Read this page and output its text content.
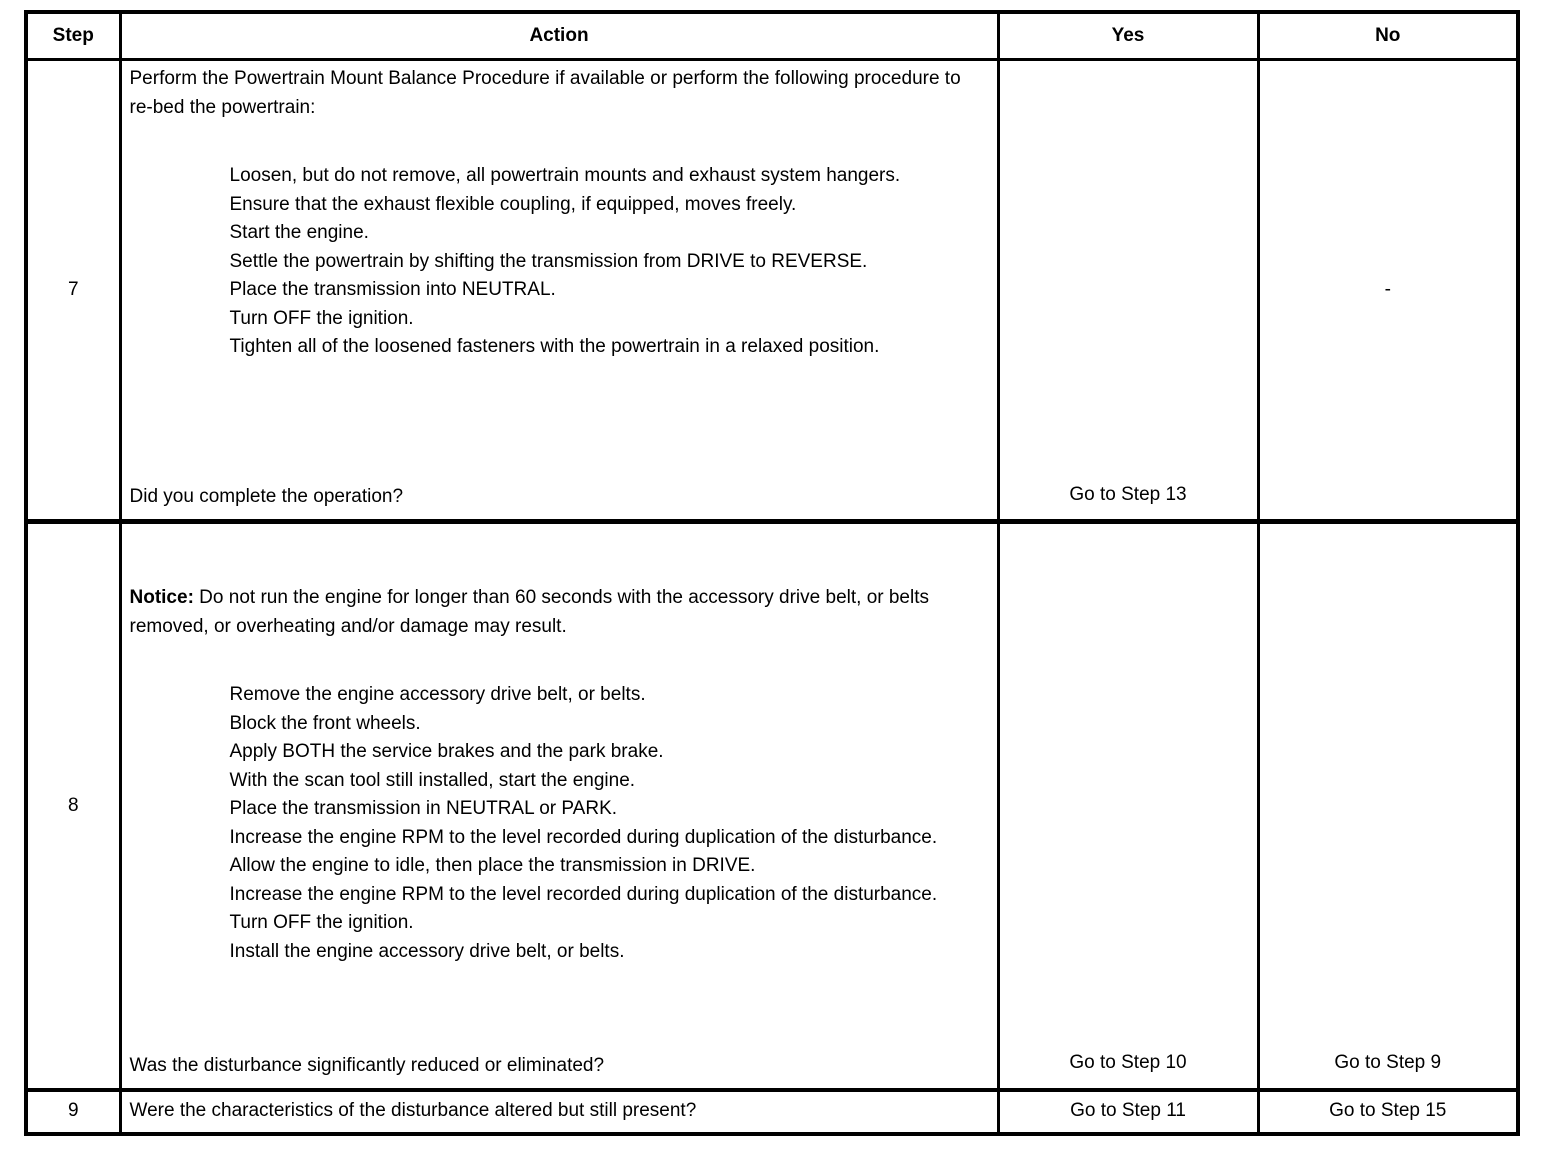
Step	Action	Yes	No
7	

Perform the Powertrain Mount Balance Procedure if available or perform the following procedure to re-bed the powertrain:

Loosen, but do not remove, all powertrain mounts and exhaust system hangers.
Ensure that the exhaust flexible coupling, if equipped, moves freely.
Start the engine.
Settle the powertrain by shifting the transmission from DRIVE to REVERSE.
Place the transmission into NEUTRAL.
Turn OFF the ignition.
Tighten all of the loosened fasteners with the powertrain in a relaxed position.

Did you complete the operation?	Go to Step 13	-
8	

Notice: Do not run the engine for longer than 60 seconds with the accessory drive belt, or belts removed, or overheating and/or damage may result.

Remove the engine accessory drive belt, or belts.
Block the front wheels.
Apply BOTH the service brakes and the park brake.
With the scan tool still installed, start the engine.
Place the transmission in NEUTRAL or PARK.
Increase the engine RPM to the level recorded during duplication of the disturbance.
Allow the engine to idle, then place the transmission in DRIVE.
Increase the engine RPM to the level recorded during duplication of the disturbance.
Turn OFF the ignition.
Install the engine accessory drive belt, or belts.

Was the disturbance significantly reduced or eliminated?	Go to Step 10	Go to Step 9
9	Were the characteristics of the disturbance altered but still present?	Go to Step 11	Go to Step 15
